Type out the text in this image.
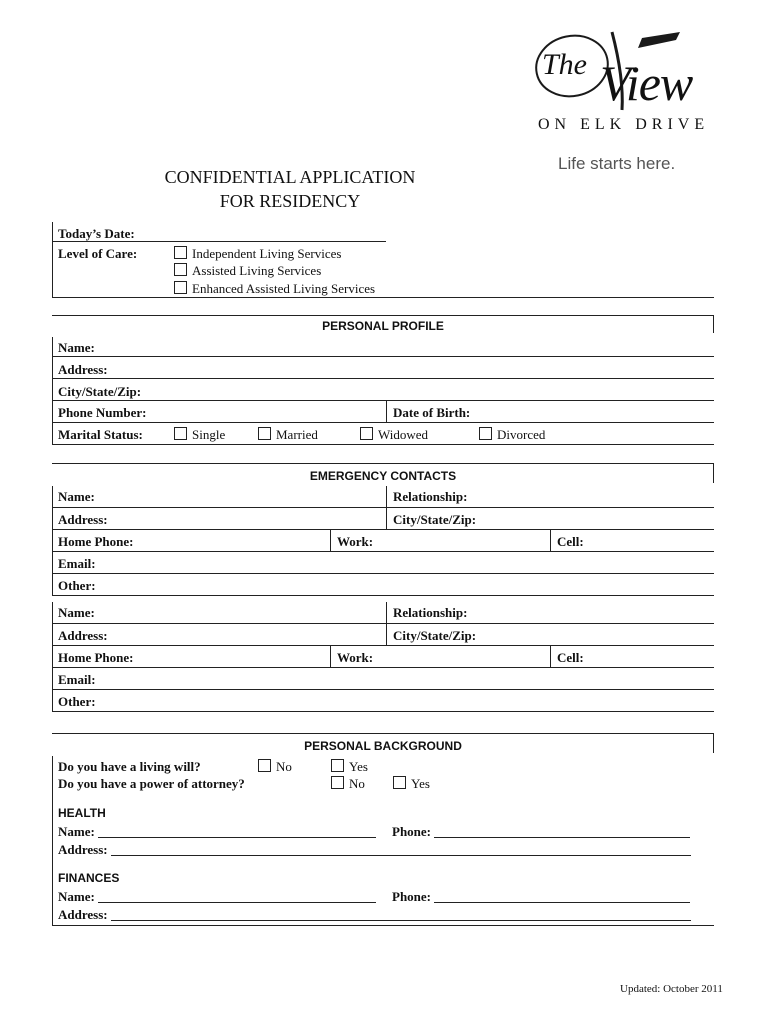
The View
ON ELK DRIVE
Life starts here.
CONFIDENTIAL APPLICATION
FOR RESIDENCY
Today’s Date:
Level of Care:	Independent Living Services
Assisted Living Services
Enhanced Assisted Living Services
PERSONAL PROFILE
Name:
Address:
City/State/Zip:
Phone Number:	Date of Birth:
Marital Status:	Single	Married	Widowed	Divorced
EMERGENCY CONTACTS
Name:	Relationship:
Address:	City/State/Zip:
Home Phone:	Work:	Cell:
Email:
Other:
Name:	Relationship:
Address:	City/State/Zip:
Home Phone:	Work:	Cell:
Email:
Other:
PERSONAL BACKGROUND
Do you have a living will?	No	Yes
Do you have a power of attorney?	No	Yes
HEALTH
Name:	Phone:
Address:
FINANCES
Name:	Phone:
Address:
Updated: October 2011
